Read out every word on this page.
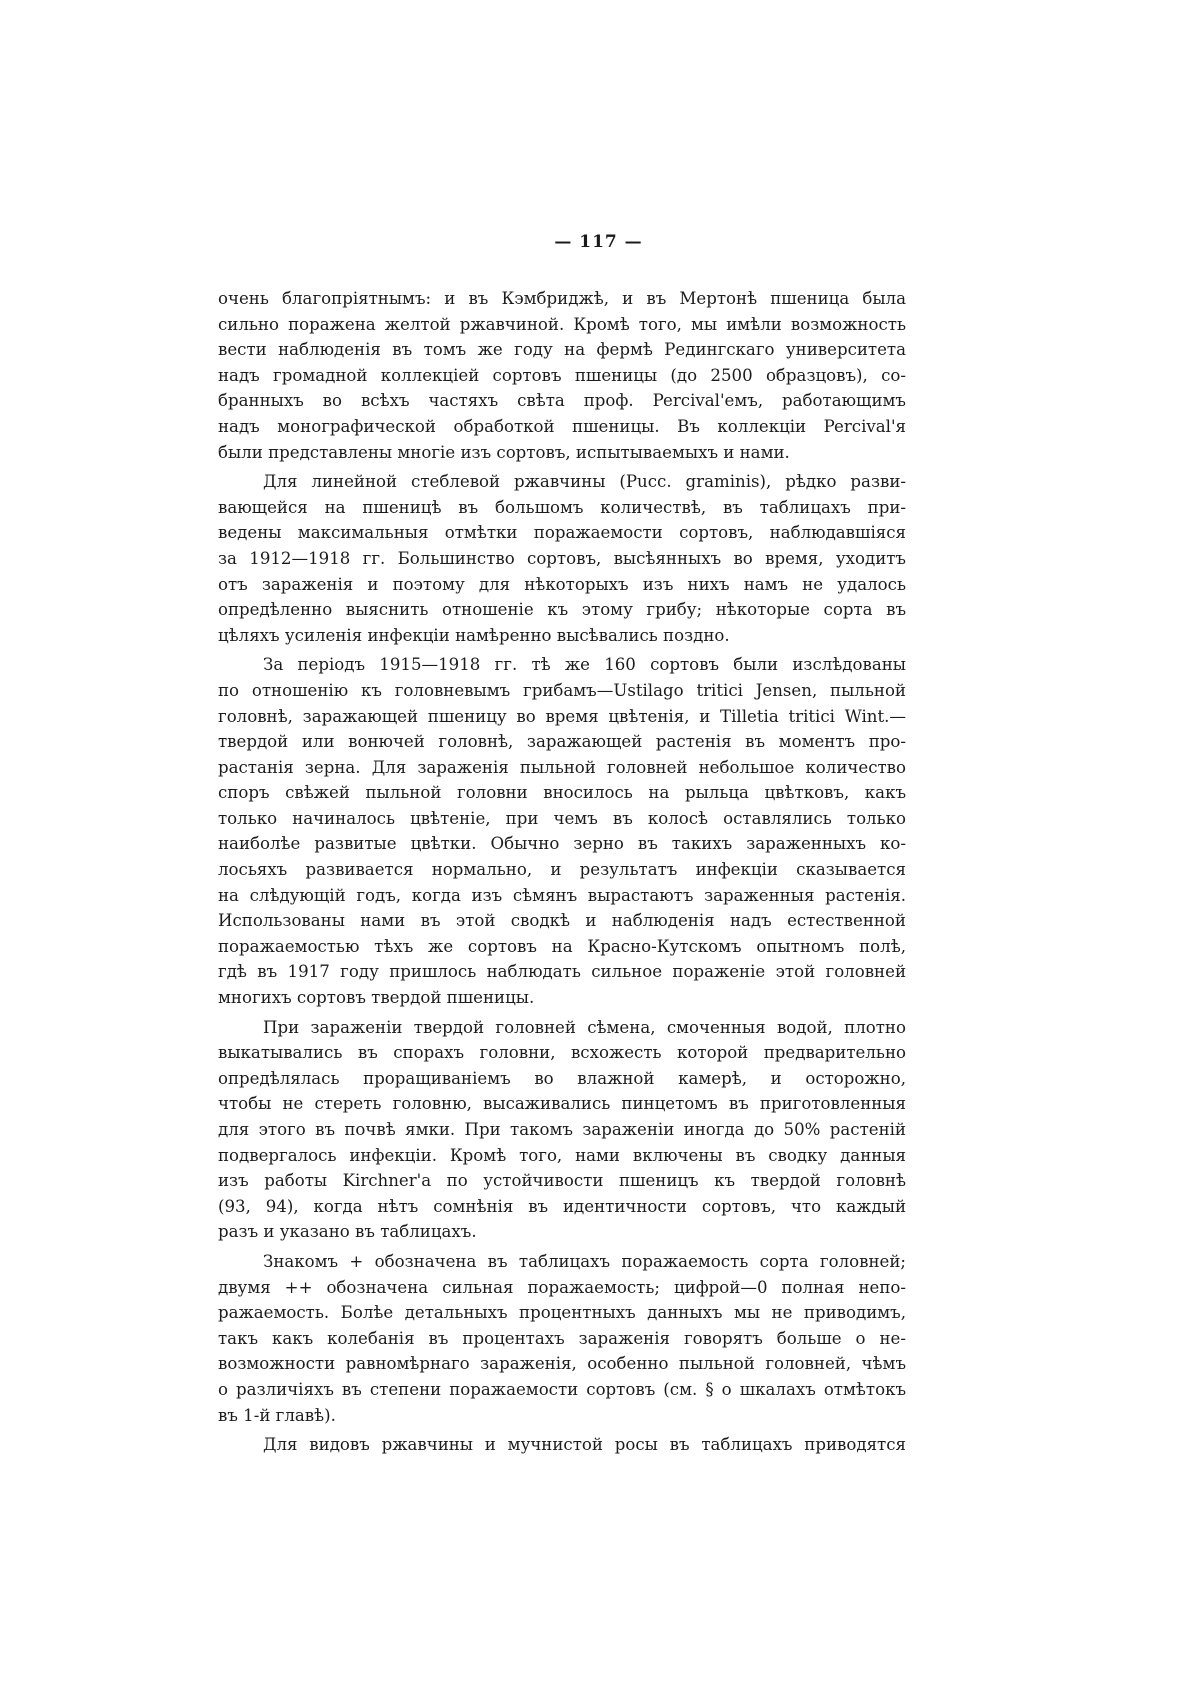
— 117 —
очень благопріятнымъ: и въ Кэмбриджѣ, и въ Мертонѣ пшеница была
сильно поражена желтой ржавчиной. Кромѣ того, мы имѣли возможность
вести наблюденія въ томъ же году на фермѣ Редингскаго университета
надъ громадной коллекціей сортовъ пшеницы (до 2500 образцовъ), со-
бранныхъ во всѣхъ частяхъ свѣта проф. Percival'емъ, работающимъ
надъ монографической обработкой пшеницы. Въ коллекціи Percival'я
были представлены многіе изъ сортовъ, испытываемыхъ и нами.
Для линейной стеблевой ржавчины (Pucc. graminis), рѣдко разви-
вающейся на пшеницѣ въ большомъ количествѣ, въ таблицахъ при-
ведены максимальныя отмѣтки поражаемости сортовъ, наблюдавшіяся
за 1912—1918 гг. Большинство сортовъ, высѣянныхъ во время, уходитъ
отъ зараженія и поэтому для нѣкоторыхъ изъ нихъ намъ не удалось
опредѣленно выяснить отношеніе къ этому грибу; нѣкоторые сорта въ
цѣляхъ усиленія инфекціи намѣренно высѣвались поздно.
За періодъ 1915—1918 гг. тѣ же 160 сортовъ были изслѣдованы
по отношенію къ головневымъ грибамъ—Ustilago tritici Jensen, пыльной
головнѣ, заражающей пшеницу во время цвѣтенія, и Tilletia tritici Wint.—
твердой или вонючей головнѣ, заражающей растенія въ моментъ про-
растанія зерна. Для зараженія пыльной головней небольшое количество
споръ свѣжей пыльной головни вносилось на рыльца цвѣтковъ, какъ
только начиналось цвѣтеніе, при чемъ въ колосѣ оставлялись только
наиболѣе развитые цвѣтки. Обычно зерно въ такихъ зараженныхъ ко-
лосьяхъ развивается нормально, и результатъ инфекціи сказывается
на слѣдующій годъ, когда изъ сѣмянъ вырастаютъ зараженныя растенія.
Использованы нами въ этой сводкѣ и наблюденія надъ естественной
поражаемостью тѣхъ же сортовъ на Красно-Кутскомъ опытномъ полѣ,
гдѣ въ 1917 году пришлось наблюдать сильное пораженіе этой головней
многихъ сортовъ твердой пшеницы.
При зараженіи твердой головней сѣмена, смоченныя водой, плотно
выкатывались въ спорахъ головни, всхожесть которой предварительно
опредѣлялась проращиваніемъ во влажной камерѣ, и осторожно,
чтобы не стереть головню, высаживались пинцетомъ въ приготовленныя
для этого въ почвѣ ямки. При такомъ зараженіи иногда до 50% растеній
подвергалось инфекціи. Кромѣ того, нами включены въ сводку данныя
изъ работы Kirchner'а по устойчивости пшеницъ къ твердой головнѣ
(93, 94), когда нѣтъ сомнѣнія въ идентичности сортовъ, что каждый
разъ и указано въ таблицахъ.
Знакомъ + обозначена въ таблицахъ поражаемость сорта головней;
двумя ++ обозначена сильная поражаемость; цифрой—0 полная непо-
ражаемость. Болѣе детальныхъ процентныхъ данныхъ мы не приводимъ,
такъ какъ колебанія въ процентахъ зараженія говорятъ больше о не-
возможности равномѣрнаго зараженія, особенно пыльной головней, чѣмъ
о различіяхъ въ степени поражаемости сортовъ (см. § о шкалахъ отмѣтокъ
въ 1-й главѣ).
Для видовъ ржавчины и мучнистой росы въ таблицахъ приводятся
